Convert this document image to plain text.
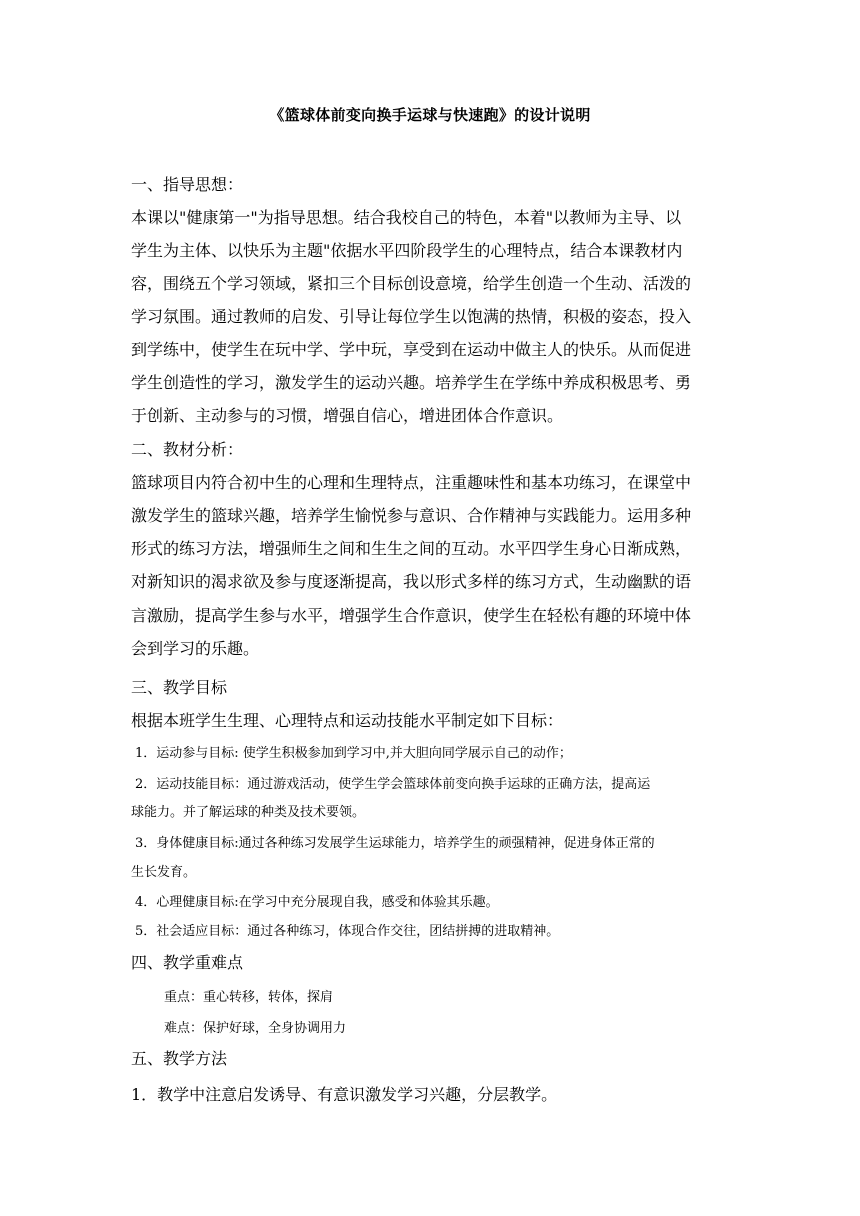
《篮球体前变向换手运球与快速跑》的设计说明
一、指导思想：
本课以"健康第一"为指导思想。结合我校自己的特色，本着"以教师为主导、以
学生为主体、以快乐为主题"依据水平四阶段学生的心理特点，结合本课教材内
容，围绕五个学习领域，紧扣三个目标创设意境，给学生创造一个生动、活泼的
学习氛围。通过教师的启发、引导让每位学生以饱满的热情，积极的姿态，投入
到学练中，使学生在玩中学、学中玩，享受到在运动中做主人的快乐。从而促进
学生创造性的学习，激发学生的运动兴趣。培养学生在学练中养成积极思考、勇
于创新、主动参与的习惯，增强自信心，增进团体合作意识。
二、教材分析：
篮球项目内符合初中生的心理和生理特点，注重趣味性和基本功练习，在课堂中
激发学生的篮球兴趣，培养学生愉悦参与意识、合作精神与实践能力。运用多种
形式的练习方法，增强师生之间和生生之间的互动。水平四学生身心日渐成熟，
对新知识的渴求欲及参与度逐渐提高，我以形式多样的练习方式，生动幽默的语
言激励，提高学生参与水平，增强学生合作意识，使学生在轻松有趣的环境中体
会到学习的乐趣。
三、教学目标
根据本班学生生理、心理特点和运动技能水平制定如下目标：
1．运动参与目标: 使学生积极参加到学习中,并大胆向同学展示自己的动作；
2．运动技能目标：通过游戏活动，使学生学会篮球体前变向换手运球的正确方法，提高运
球能力。并了解运球的种类及技术要领。
3．身体健康目标:通过各种练习发展学生运球能力，培养学生的顽强精神，促进身体正常的
生长发育。
4．心理健康目标:在学习中充分展现自我，感受和体验其乐趣。
5．社会适应目标：通过各种练习，体现合作交往，团结拼搏的进取精神。
四、教学重难点
重点：重心转移，转体，探肩
难点：保护好球，全身协调用力
五、教学方法
1．教学中注意启发诱导、有意识激发学习兴趣，分层教学。
